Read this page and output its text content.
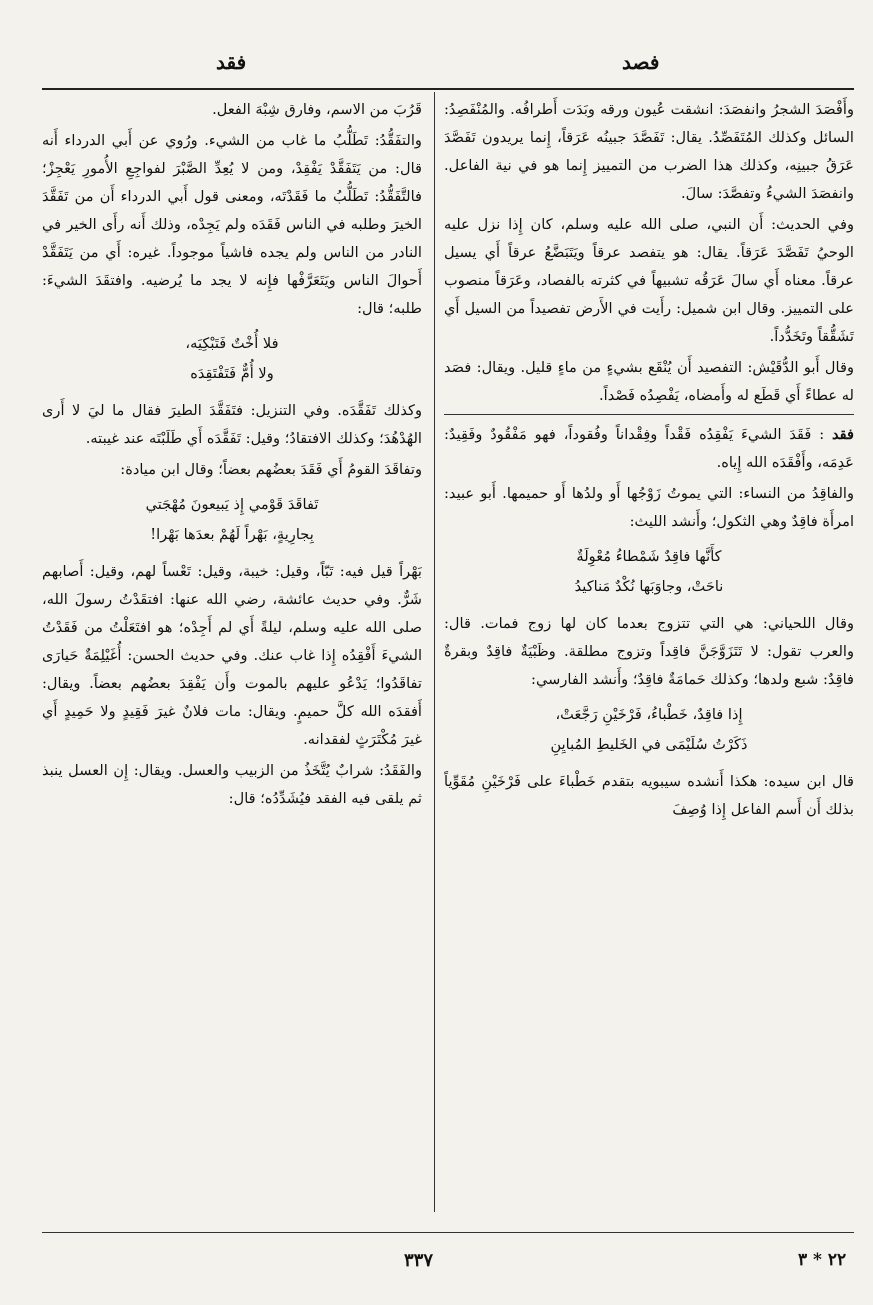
فصد
فقد

وأَفْصَدَ الشجرُ وانفصَدَ: انشقت عُيون ورقه وبَدَت أَطرافُه. والمُنْفَصِدُ: السائل وكذلك المُتَفَصِّدُ. يقال: تَفَصَّدَ جبينُه عَرَقاً، إِنما يريدون تَفَصَّدَ عَرَقُ جبينِه، وكذلك هذا الضرب من التمييز إِنما هو في نية الفاعل. وانفصَدَ الشيءُ وتفصَّدَ: سالَ.

وفي الحديث: أَن النبي، صلى الله عليه وسلم، كان إِذا نزل عليه الوحيُ تَفَصَّدَ عَرَقاً. يقال: هو يتفصد عرقاً ويَتَبَضَّعُ عرقاً أَي يسيل عرقاً. معناه أَي سالَ عَرَقُه تشبيهاً في كثرته بالفصاد، وعَرَقاً منصوب على التمييز. وقال ابن شميل: رأَيت في الأَرض تفصيداً من السيل أَي تَشَقُّقاً وتَخَدُّداً.

وقال أَبو الدُّقَيْش: التفصيد أَن يُنْقَع بشيءٍ من ماءٍ قليل. ويقال: فصَد له عطاءً أَي قَطَع له وأَمضاه، يَفْصِدُه فَصْداً.

فقد : فَقَدَ الشيءَ يَفْقِدُه فَقْداً وفِقْداناً وفُقوداً، فهو مَفْقُودٌ وفَقِيدٌ: عَدِمَه، وأَفْقَدَه الله إِياه.

والفاقِدُ من النساء: التي يموتُ زَوْجُها أَو ولدُها أَو حميمها. أَبو عبيد: امرأَة فاقِدٌ وهي الثكول؛ وأَنشد الليث:

كأَنَّها فاقِدٌ شَمْطاءُ مُعْوِلَةٌ
ناحَتْ، وجاوَبَها نُكْدٌ مَناكيدُ

وقال اللحياني: هي التي تتزوج بعدما كان لها زوج فمات. قال: والعرب تقول: لا تَتَزَوَّجَنَّ فاقِداً وتزوج مطلقة. وظَبْيَةٌ فاقِدٌ وبقرةٌ فاقِدٌ: شبع ولدها؛ وكذلك حَمامَةٌ فاقِدٌ؛ وأَنشد الفارسي:

إِذا فاقِدٌ، خَطْباءُ، فَرْخَيْنِ رَجَّعَتْ،
ذَكَرْتُ سُلَيْمَى في الخَليطِ المُبايِنِ

قال ابن سيده: هكذا أَنشده سيبويه بتقدم خَطْباءَ على فَرْخَيْنِ مُقَوِّياً بذلك أَن أَسم الفاعل إِذا وُصِفَ

قَرُبَ من الاسم، وفارق شِبْهَ الفعل.

والتفَقُّدُ: تَطَلُّبُ ما غاب من الشيء. ورُوي عن أَبي الدرداء أَنه قال: من يَتَفَقَّدْ يَفْقِدْ، ومن لا يُعِدِّ الصَّبْرَ لفواجِعِ الأُمورِ يَعْجِزْ؛ فالتَّفَقُّدُ: تَطَلُّبُ ما فَقَدْتَه، ومعنى قول أَبي الدرداء أَن من تَفَقَّدَ الخيرَ وطلبه في الناس فَقَدَه ولم يَجِدْه، وذلك أَنه رأَى الخير في النادر من الناس ولم يجده فاشياً موجوداً. غيره: أَي من يَتَفَقَّدْ أَحوالَ الناس ويَتَعَرَّفْها فإِنه لا يجد ما يُرضيه. وافتقَدَ الشيءَ: طلبه؛ قال:

فلا أُخْتٌ فَتَبْكِيَه،
ولا أُمٌّ فَتَفْتَقِدَه

وكذلك تَفَقَّدَه. وفي التنزيل: فتَفَقَّدَ الطيرَ فقال ما ليَ لا أَرى الهُدْهُدَ؛ وكذلك الافتقادُ؛ وقيل: تَفَقَّدَه أَي طَلَبْتَه عند غيبته.

وتفاقَدَ القومُ أَي فَقَدَ بعضُهم بعضاً؛ وقال ابن ميادة:

تَفاقَدَ قَوْمي إِذ يَبيعونَ مُهْجَتي
بِجارِيةٍ، بَهْراً لَهُمْ بعدَها بَهْرا!

بَهْراً قيل فيه: تَبّاً، وقيل: خيبة، وقيل: تَعْساً لهم، وقيل: أَصابهم شَرٌّ. وفي حديث عائشة، رضي الله عنها: افتقَدْتُ رسولَ الله، صلى الله عليه وسلم، ليلةً أَي لم أَجِدْه؛ هو افتَعَلْتُ من فَقَدْتُ الشيءَ أَفْقِدُه إِذا غاب عنك. وفي حديث الحسن: أُغَيْلِمَةٌ حَيارَى تفاقَدُوا؛ يَدْعُو عليهم بالموت وأَن يَفْقِدَ بعضُهم بعضاً. ويقال: أَفقدَه الله كلَّ حميمٍ. ويقال: مات فلانٌ غيرَ فَقِيدٍ ولا حَمِيدٍ أَي غيرَ مُكْتَرَثٍ لفقدانه.

والفَقَدُ: شرابٌ يُتَّخَذُ من الزبيب والعسل. ويقال: إِن العسل ينبذ ثم يلقى فيه الفقد فيُشَدِّدُه؛ قال:

٣٣٧	٢٢ * ٣
